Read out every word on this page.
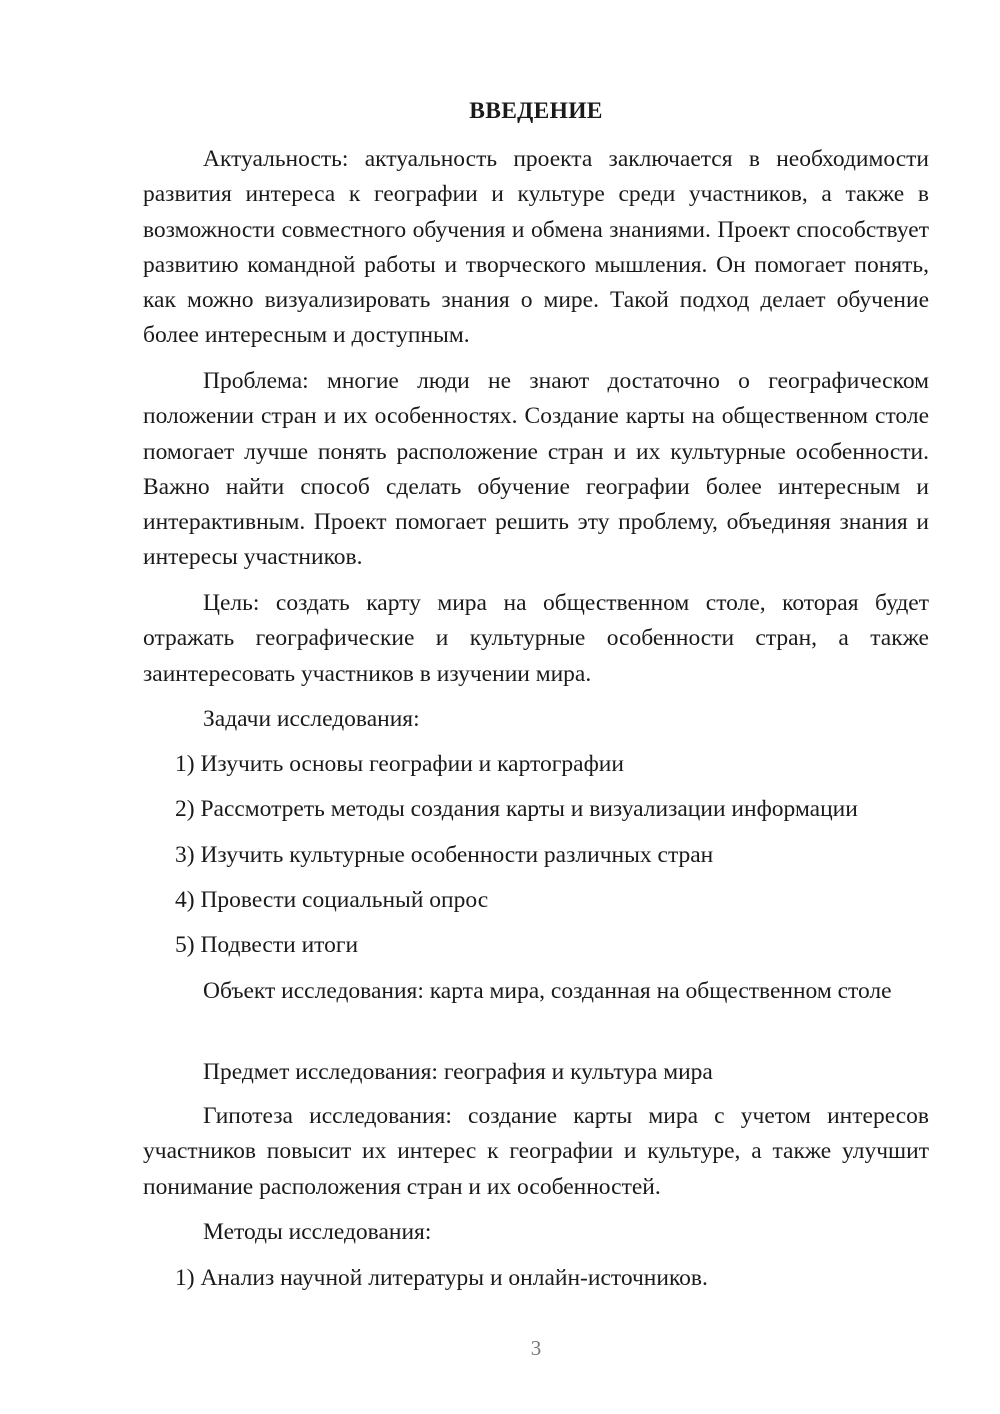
ВВЕДЕНИЕ

Актуальность: актуальность проекта заключается в необходимости развития интереса к географии и культуре среди участников, а также в возможности совместного обучения и обмена знаниями. Проект способствует развитию командной работы и творческого мышления. Он помогает понять, как можно визуализировать знания о мире. Такой подход делает обучение более интересным и доступным.

Проблема: многие люди не знают достаточно о географическом положении стран и их особенностях. Создание карты на общественном столе помогает лучше понять расположение стран и их культурные особенности. Важно найти способ сделать обучение географии более интересным и интерактивным. Проект помогает решить эту проблему, объединяя знания и интересы участников.

Цель: создать карту мира на общественном столе, которая будет отражать географические и культурные особенности стран, а также заинтересовать участников в изучении мира.

Задачи исследования:
1) Изучить основы географии и картографии
2) Рассмотреть методы создания карты и визуализации информации
3) Изучить культурные особенности различных стран
4) Провести социальный опрос
5) Подвести итоги

Объект исследования: карта мира, созданная на общественном столе

Предмет исследования: география и культура мира

Гипотеза исследования: создание карты мира с учетом интересов участников повысит их интерес к географии и культуре, а также улучшит понимание расположения стран и их особенностей.

Методы исследования:
1) Анализ научной литературы и онлайн-источников.
3
